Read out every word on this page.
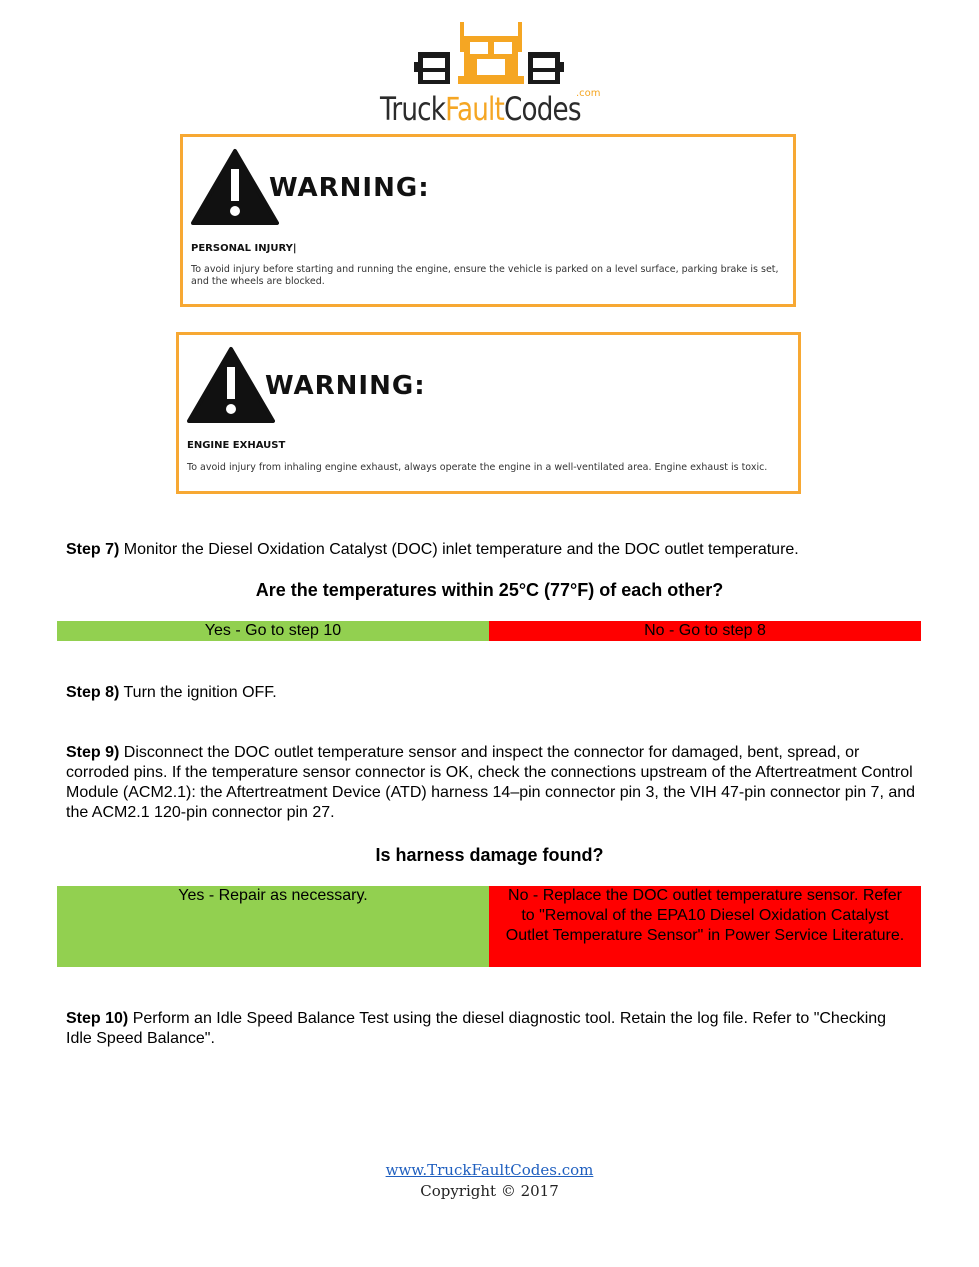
TruckFaultCodes
.com
WARNING:
PERSONAL INJURY|
To avoid injury before starting and running the engine, ensure the vehicle is parked on a level surface, parking brake is set, and the wheels are blocked.
WARNING:
ENGINE EXHAUST
To avoid injury from inhaling engine exhaust, always operate the engine in a well-ventilated area. Engine exhaust is toxic.
Step 7) Monitor the Diesel Oxidation Catalyst (DOC) inlet temperature and the DOC outlet temperature.
Are the temperatures within 25°C (77°F) of each other?
Yes - Go to step 10	No - Go to step 8
Step 8) Turn the ignition OFF.
Step 9) Disconnect the DOC outlet temperature sensor and inspect the connector for damaged, bent, spread, or corroded pins. If the temperature sensor connector is OK, check the connections upstream of the Aftertreatment Control Module (ACM2.1): the Aftertreatment Device (ATD) harness 14–pin connector pin 3, the VIH 47-pin connector pin 7, and the ACM2.1 120-pin connector pin 27.
Is harness damage found?
Yes - Repair as necessary.	No - Replace the DOC outlet temperature sensor. Refer to "Removal of the EPA10 Diesel Oxidation Catalyst Outlet Temperature Sensor" in Power Service Literature.
Step 10) Perform an Idle Speed Balance Test using the diesel diagnostic tool. Retain the log file. Refer to "Checking Idle Speed Balance".
www.TruckFaultCodes.com
Copyright © 2017
